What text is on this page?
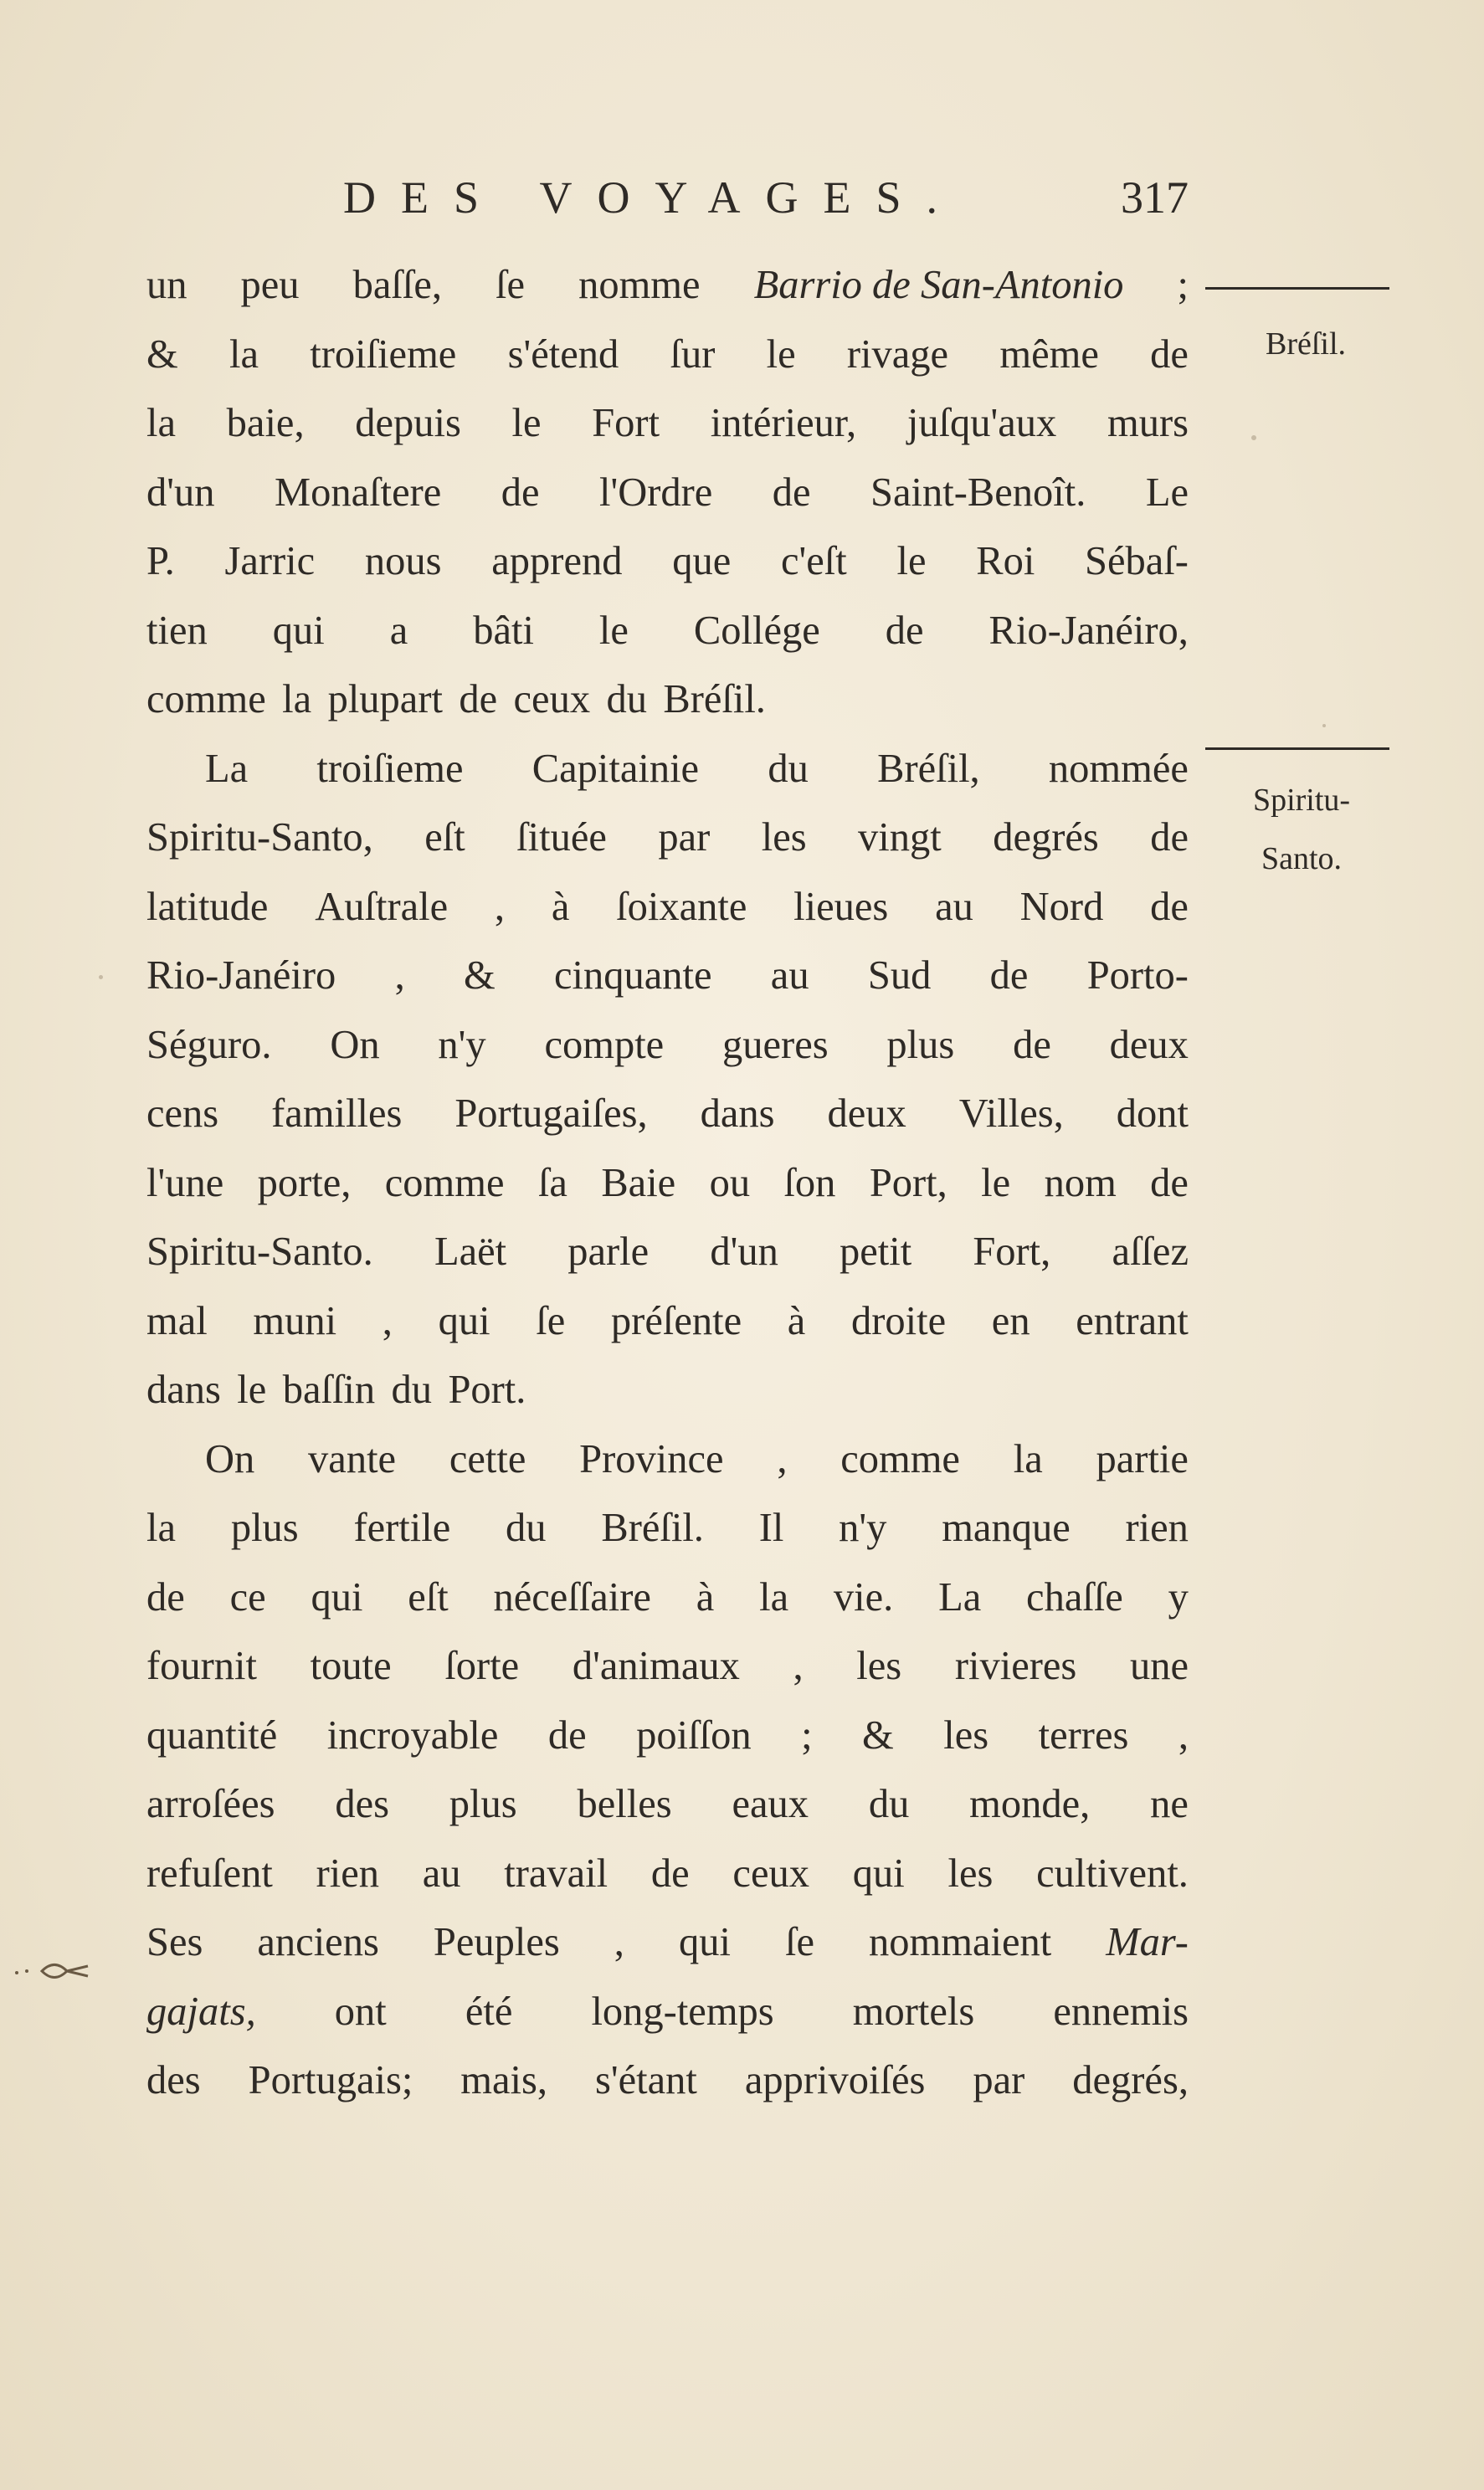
DES VOYAGES.	317
un peu baſſe, ſe nomme Barrio de San-Antonio ;
& la troiſieme s'étend ſur le rivage même de
la baie, depuis le Fort intérieur, juſqu'aux murs
d'un Monaſtere de l'Ordre de Saint-Benoît. Le
P. Jarric nous apprend que c'eſt le Roi Sébaſ-
tien qui a bâti le Collége de Rio-Janéiro,
comme la plupart de ceux du Bréſil.
La troiſieme Capitainie du Bréſil, nommée
Spiritu-Santo, eſt ſituée par les vingt degrés de
latitude Auſtrale , à ſoixante lieues au Nord de
Rio-Janéiro , & cinquante au Sud de Porto-
Séguro. On n'y compte gueres plus de deux
cens familles Portugaiſes, dans deux Villes, dont
l'une porte, comme ſa Baie ou ſon Port, le nom de
Spiritu-Santo. Laët parle d'un petit Fort, aſſez
mal muni , qui ſe préſente à droite en entrant
dans le baſſin du Port.
On vante cette Province , comme la partie
la plus fertile du Bréſil. Il n'y manque rien
de ce qui eſt néceſſaire à la vie. La chaſſe y
fournit toute ſorte d'animaux , les rivieres une
quantité incroyable de poiſſon ; & les terres ,
arroſées des plus belles eaux du monde, ne
refuſent rien au travail de ceux qui les cultivent.
Ses anciens Peuples , qui ſe nommaient Mar-
gajats, ont été long-temps mortels ennemis
des Portugais; mais, s'étant apprivoiſés par degrés,
Bréſil.
Spiritu-
Santo.
